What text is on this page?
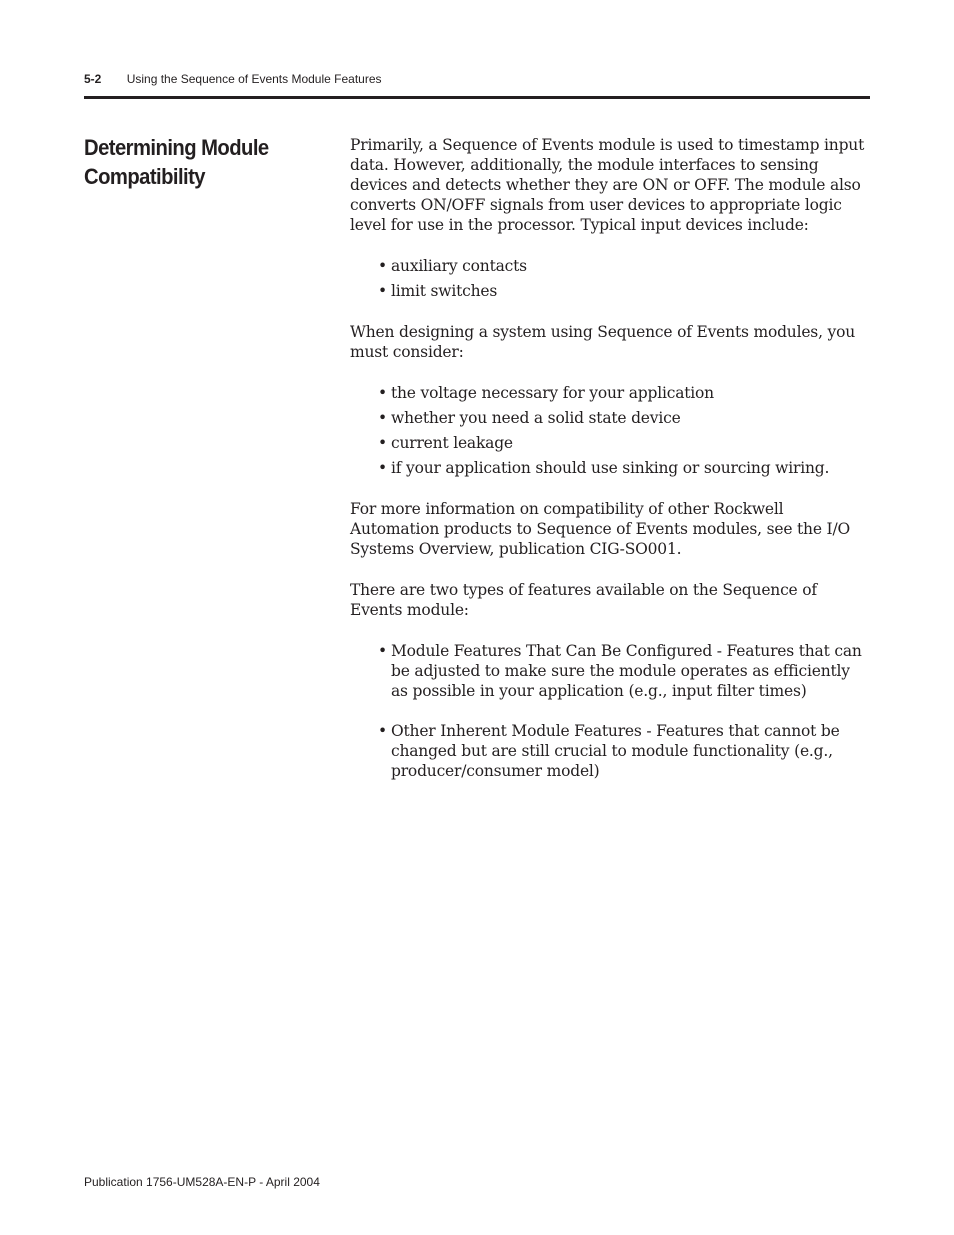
5-2 Using the Sequence of Events Module Features
Determining Module
Compatibility

Primarily, a Sequence of Events module is used to timestamp input data. However, additionally, the module interfaces to sensing devices and detects whether they are ON or OFF. The module also converts ON/OFF signals from user devices to appropriate logic level for use in the processor. Typical input devices include:

• auxiliary contacts
• limit switches

When designing a system using Sequence of Events modules, you must consider:

• the voltage necessary for your application
• whether you need a solid state device
• current leakage
• if your application should use sinking or sourcing wiring.

For more information on compatibility of other Rockwell Automation products to Sequence of Events modules, see the I/O Systems Overview, publication CIG-SO001.

There are two types of features available on the Sequence of Events module:

• Module Features That Can Be Configured - Features that can be adjusted to make sure the module operates as efficiently as possible in your application (e.g., input filter times)
• Other Inherent Module Features - Features that cannot be changed but are still crucial to module functionality (e.g., producer/consumer model)
Publication 1756-UM528A-EN-P - April 2004
